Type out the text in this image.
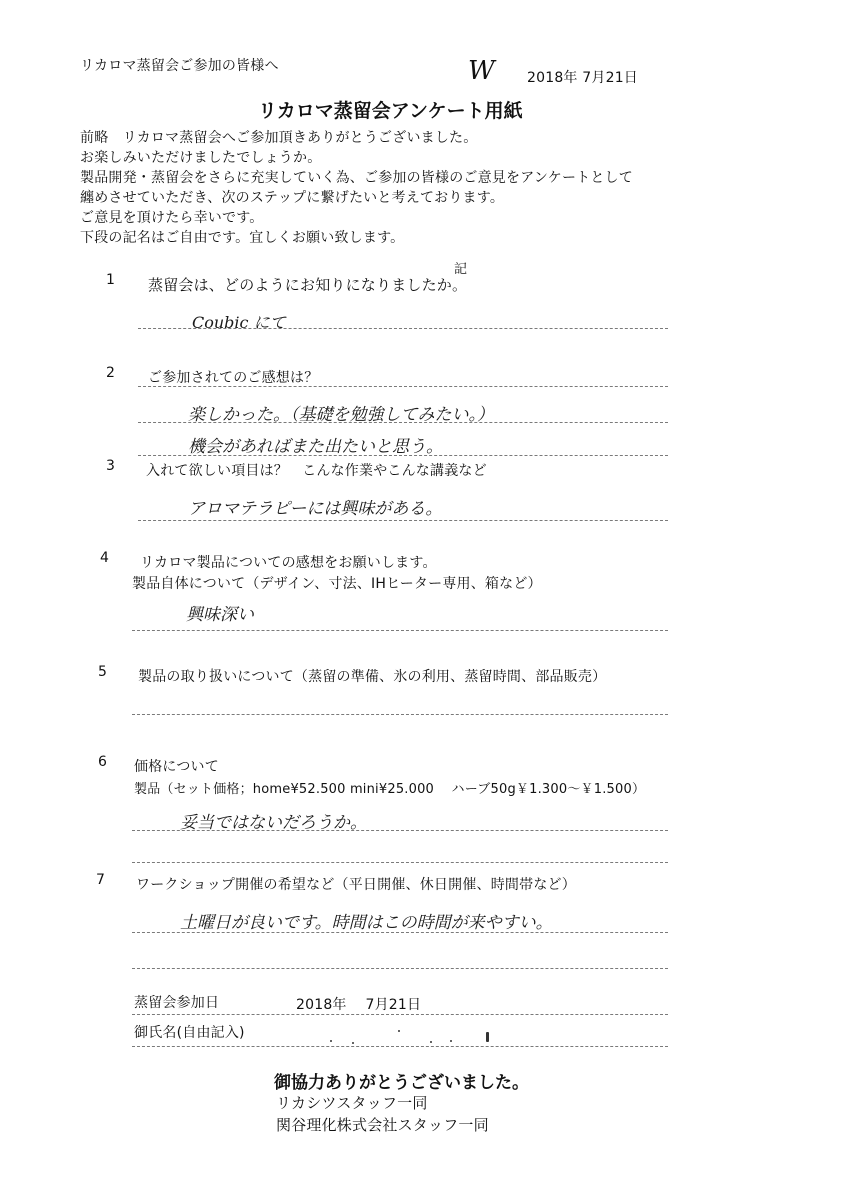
リカロマ蒸留会ご参加の皆様へ	W 2018年 7月21日
リカロマ蒸留会アンケート用紙
前略　リカロマ蒸留会へご参加頂きありがとうございました。
お楽しみいただけましたでしょうか。
製品開発・蒸留会をさらに充実していく為、ご参加の皆様のご意見をアンケートとして
纏めさせていただき、次のステップに繋げたいと考えております。
ご意見を頂けたら幸いです。
下段の記名はご自由です。宜しくお願い致します。
記
1 蒸留会は、どのようにお知りになりましたか。
Coubic にて
2 ご参加されてのご感想は？
楽しかった。（基礎を勉強してみたい。）
機会があればまた出たいと思う。
3 入れて欲しい項目は？　こんな作業やこんな講義など
アロマテラピーには興味がある。
4 リカロマ製品についての感想をお願いします。
製品自体について（デザイン、寸法、IHヒーター専用、箱など）
興味深い
5 製品の取り扱いについて（蒸留の準備、氷の利用、蒸留時間、部品販売）
6 価格について
製品（セット価格；home¥52.500 mini¥25.000　 ハーブ50g￥1.300～￥1.500）
妥当ではないだろうか。
7 ワークショップ開催の希望など（平日開催、休日開催、時間帯など）
土曜日が良いです。時間はこの時間が来やすい。
蒸留会参加日	2018年　 7月21日
御氏名(自由記入)
御協力ありがとうございました。
リカシツスタッフ一同
関谷理化株式会社スタッフ一同
